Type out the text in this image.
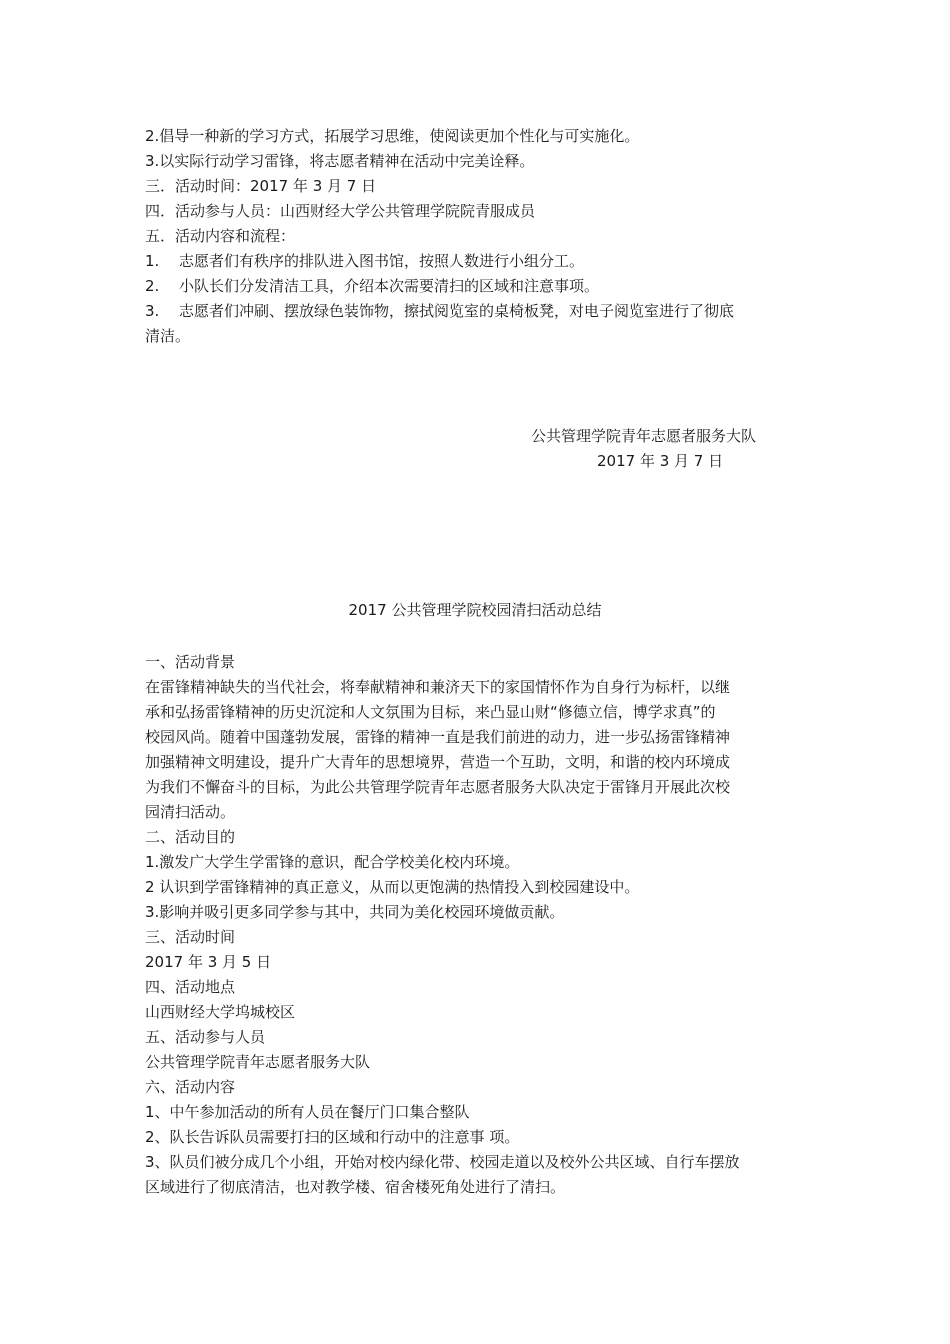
2.倡导一种新的学习方式，拓展学习思维，使阅读更加个性化与可实施化。
3.以实际行动学习雷锋，将志愿者精神在活动中完美诠释。
三．活动时间：2017 年 3 月 7 日
四．活动参与人员：山西财经大学公共管理学院院青服成员
五．活动内容和流程：
1. 志愿者们有秩序的排队进入图书馆，按照人数进行小组分工。
2. 小队长们分发清洁工具，介绍本次需要清扫的区域和注意事项。
3. 志愿者们冲刷、摆放绿色装饰物，擦拭阅览室的桌椅板凳，对电子阅览室进行了彻底
清洁。
公共管理学院青年志愿者服务大队
2017 年 3 月 7 日
2017 公共管理学院校园清扫活动总结
一、活动背景
在雷锋精神缺失的当代社会，将奉献精神和兼济天下的家国情怀作为自身行为标杆，以继
承和弘扬雷锋精神的历史沉淀和人文氛围为目标，来凸显山财“修德立信，博学求真”的
校园风尚。随着中国蓬勃发展，雷锋的精神一直是我们前进的动力，进一步弘扬雷锋精神
加强精神文明建设，提升广大青年的思想境界，营造一个互助，文明，和谐的校内环境成
为我们不懈奋斗的目标，为此公共管理学院青年志愿者服务大队决定于雷锋月开展此次校
园清扫活动。
二、活动目的
1.激发广大学生学雷锋的意识，配合学校美化校内环境。
2 认识到学雷锋精神的真正意义，从而以更饱满的热情投入到校园建设中。
3.影响并吸引更多同学参与其中，共同为美化校园环境做贡献。
三、活动时间
2017 年 3 月 5 日
四、活动地点
山西财经大学坞城校区
五、活动参与人员
公共管理学院青年志愿者服务大队
六、活动内容
1、中午参加活动的所有人员在餐厅门口集合整队
2、队长告诉队员需要打扫的区域和行动中的注意事 项。
3、队员们被分成几个小组，开始对校内绿化带、校园走道以及校外公共区域、自行车摆放
区域进行了彻底清洁，也对教学楼、宿舍楼死角处进行了清扫。
